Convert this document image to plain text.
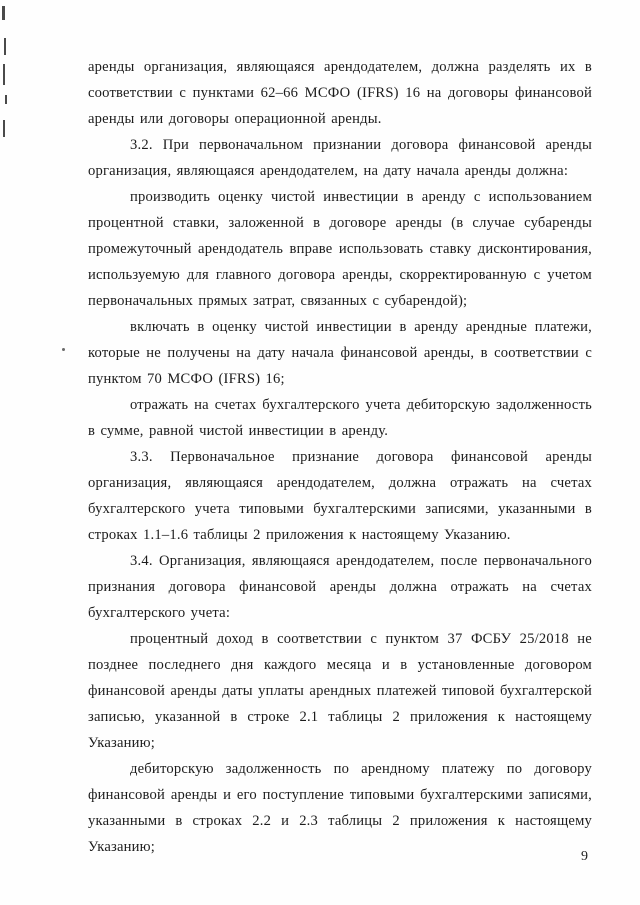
аренды организация, являющаяся арендодателем, должна разделять их в соответствии с пунктами 62–66 МСФО (IFRS) 16 на договоры финансовой аренды или договоры операционной аренды.

3.2. При первоначальном признании договора финансовой аренды организация, являющаяся арендодателем, на дату начала аренды должна:

производить оценку чистой инвестиции в аренду с использованием процентной ставки, заложенной в договоре аренды (в случае субаренды промежуточный арендодатель вправе использовать ставку дисконтирования, используемую для главного договора аренды, скорректированную с учетом первоначальных прямых затрат, связанных с субарендой);

включать в оценку чистой инвестиции в аренду арендные платежи, которые не получены на дату начала финансовой аренды, в соответствии с пунктом 70 МСФО (IFRS) 16;

отражать на счетах бухгалтерского учета дебиторскую задолженность в сумме, равной чистой инвестиции в аренду.

3.3. Первоначальное признание договора финансовой аренды организация, являющаяся арендодателем, должна отражать на счетах бухгалтерского учета типовыми бухгалтерскими записями, указанными в строках 1.1–1.6 таблицы 2 приложения к настоящему Указанию.

3.4. Организация, являющаяся арендодателем, после первоначального признания договора финансовой аренды должна отражать на счетах бухгалтерского учета:

процентный доход в соответствии с пунктом 37 ФСБУ 25/2018 не позднее последнего дня каждого месяца и в установленные договором финансовой аренды даты уплаты арендных платежей типовой бухгалтерской записью, указанной в строке 2.1 таблицы 2 приложения к настоящему Указанию;

дебиторскую задолженность по арендному платежу по договору финансовой аренды и его поступление типовыми бухгалтерскими записями, указанными в строках 2.2 и 2.3 таблицы 2 приложения к настоящему Указанию;

9
